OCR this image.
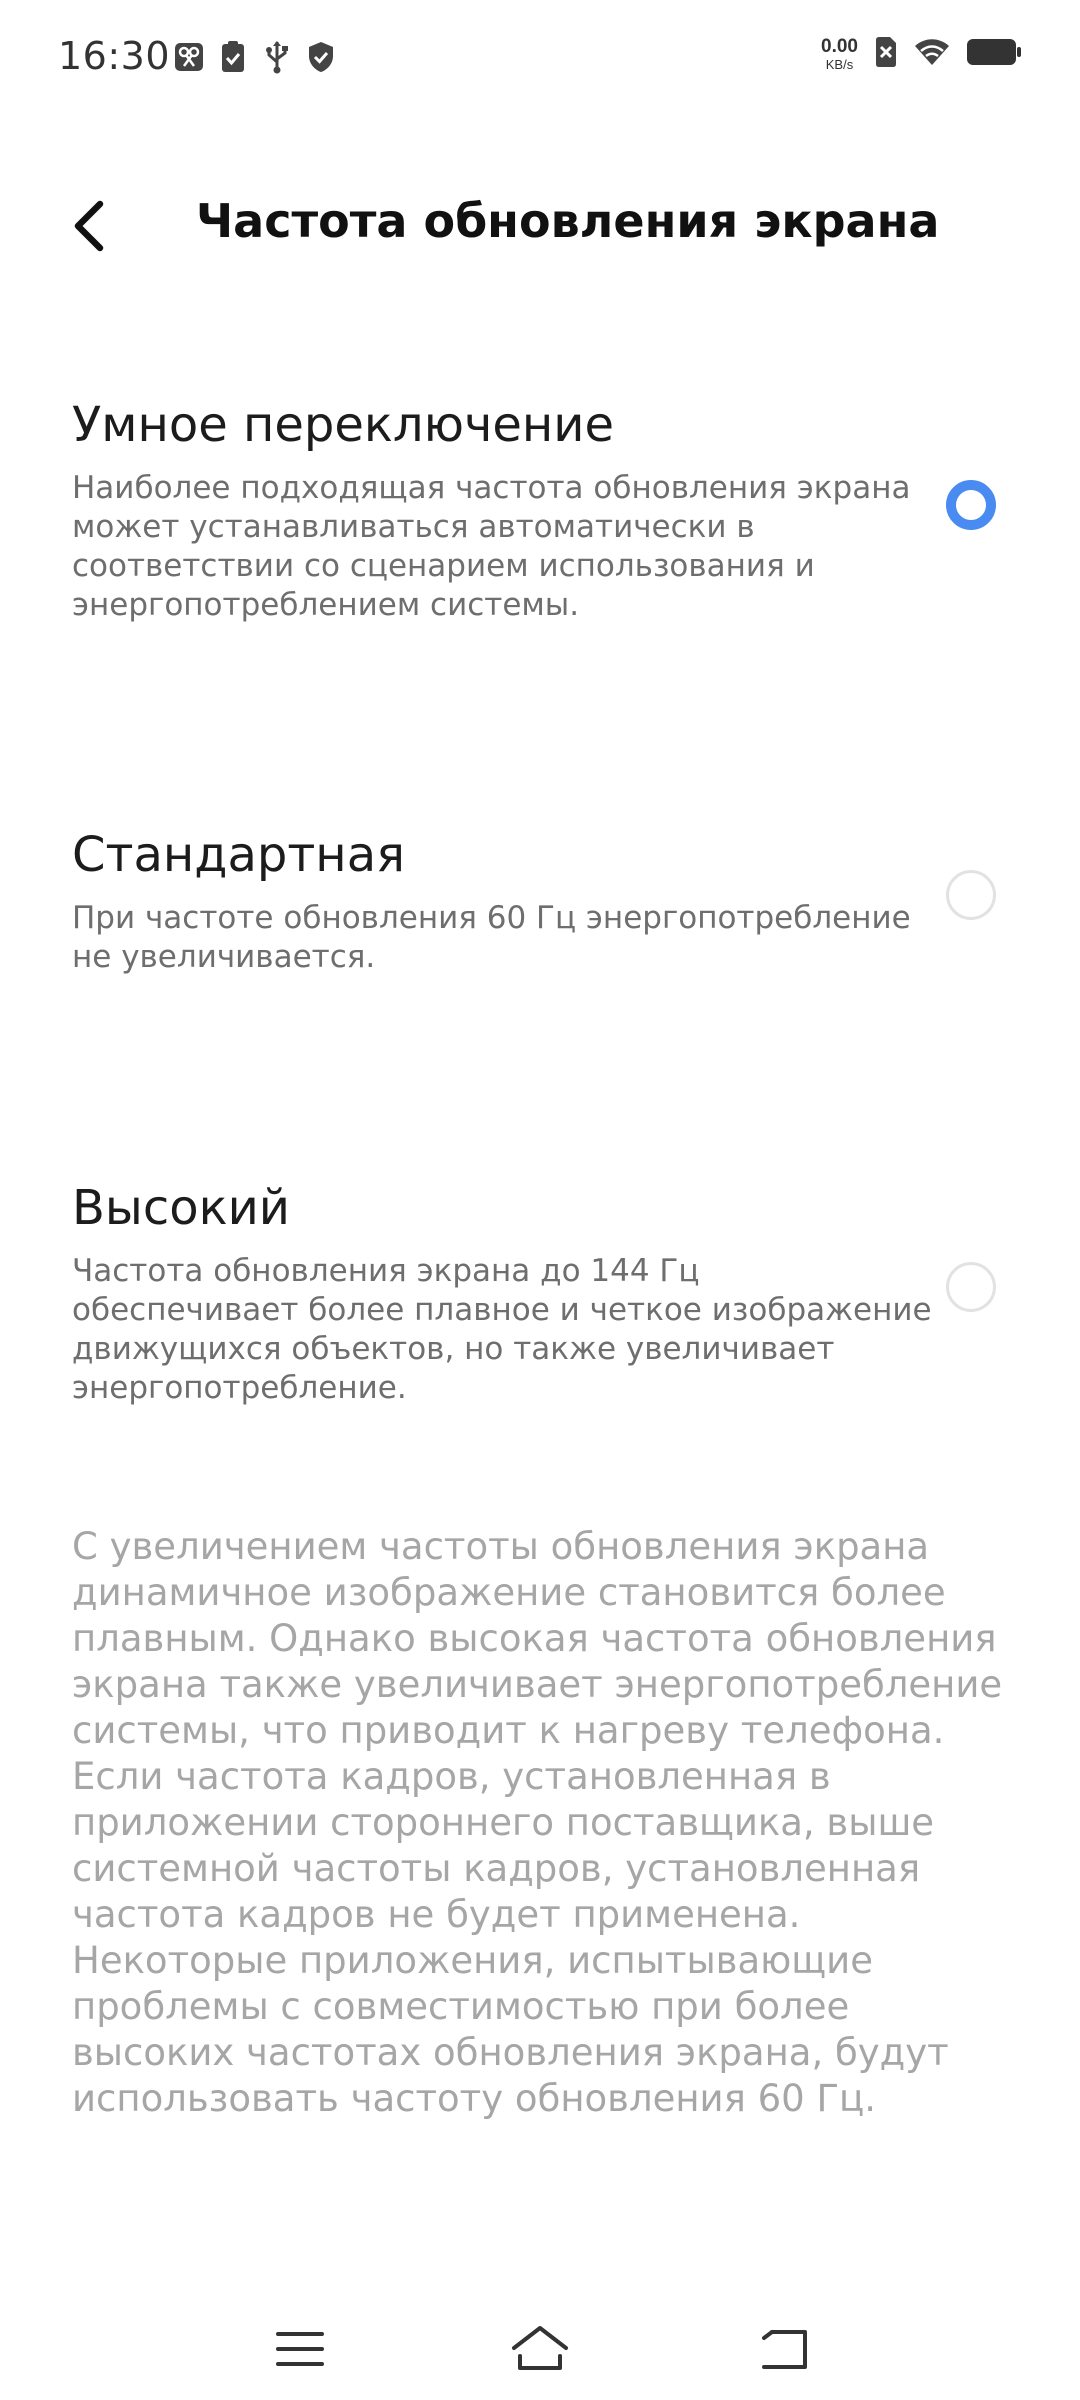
16:30	0.00
KB/s
Частота обновления экрана
Умное переключение
Наиболее подходящая частота обновления экрана может устанавливаться автоматически в соответствии со сценарием использования и энергопотреблением системы.
Стандартная
При частоте обновления 60 Гц энергопотребление не увеличивается.
Высокий
Частота обновления экрана до 144 Гц обеспечивает более плавное и четкое изображение движущихся объектов, но также увеличивает энергопотребление.
С увеличением частоты обновления экрана динамичное изображение становится более плавным. Однако высокая частота обновления экрана также увеличивает энергопотребление системы, что приводит к нагреву телефона. Если частота кадров, установленная в приложении стороннего поставщика, выше системной частоты кадров, установленная частота кадров не будет применена. Некоторые приложения, испытывающие проблемы с совместимостью при более высоких частотах обновления экрана, будут использовать частоту обновления 60 Гц.
